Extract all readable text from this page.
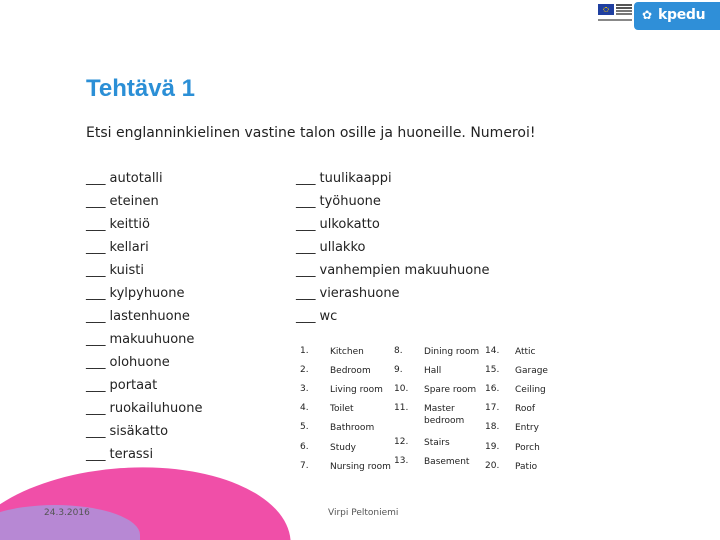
✿ kpedu
Tehtävä 1
Etsi englanninkielinen vastine talon osille ja huoneille. Numeroi!
___ autotalli
___ eteinen
___ keittiö
___ kellari
___ kuisti
___ kylpyhuone
___ lastenhuone
___ makuuhuone
___ olohuone
___ portaat
___ ruokailuhuone
___ sisäkatto
___ terassi
___ tuulikaappi
___ työhuone
___ ulkokatto
___ ullakko
___ vanhempien makuuhuone
___ vierashuone
___ wc
1.	Kitchen
2.	Bedroom
3.	Living room
4.	Toilet
5.	Bathroom
6.	Study
7.	Nursing room
8.	Dining room
9.	Hall
10.	Spare room
11.	Master bedroom
12.	Stairs
13.	Basement
14.	Attic
15.	Garage
16.	Ceiling
17.	Roof
18.	Entry
19.	Porch
20.	Patio
24.3.2016	Virpi Peltoniemi
